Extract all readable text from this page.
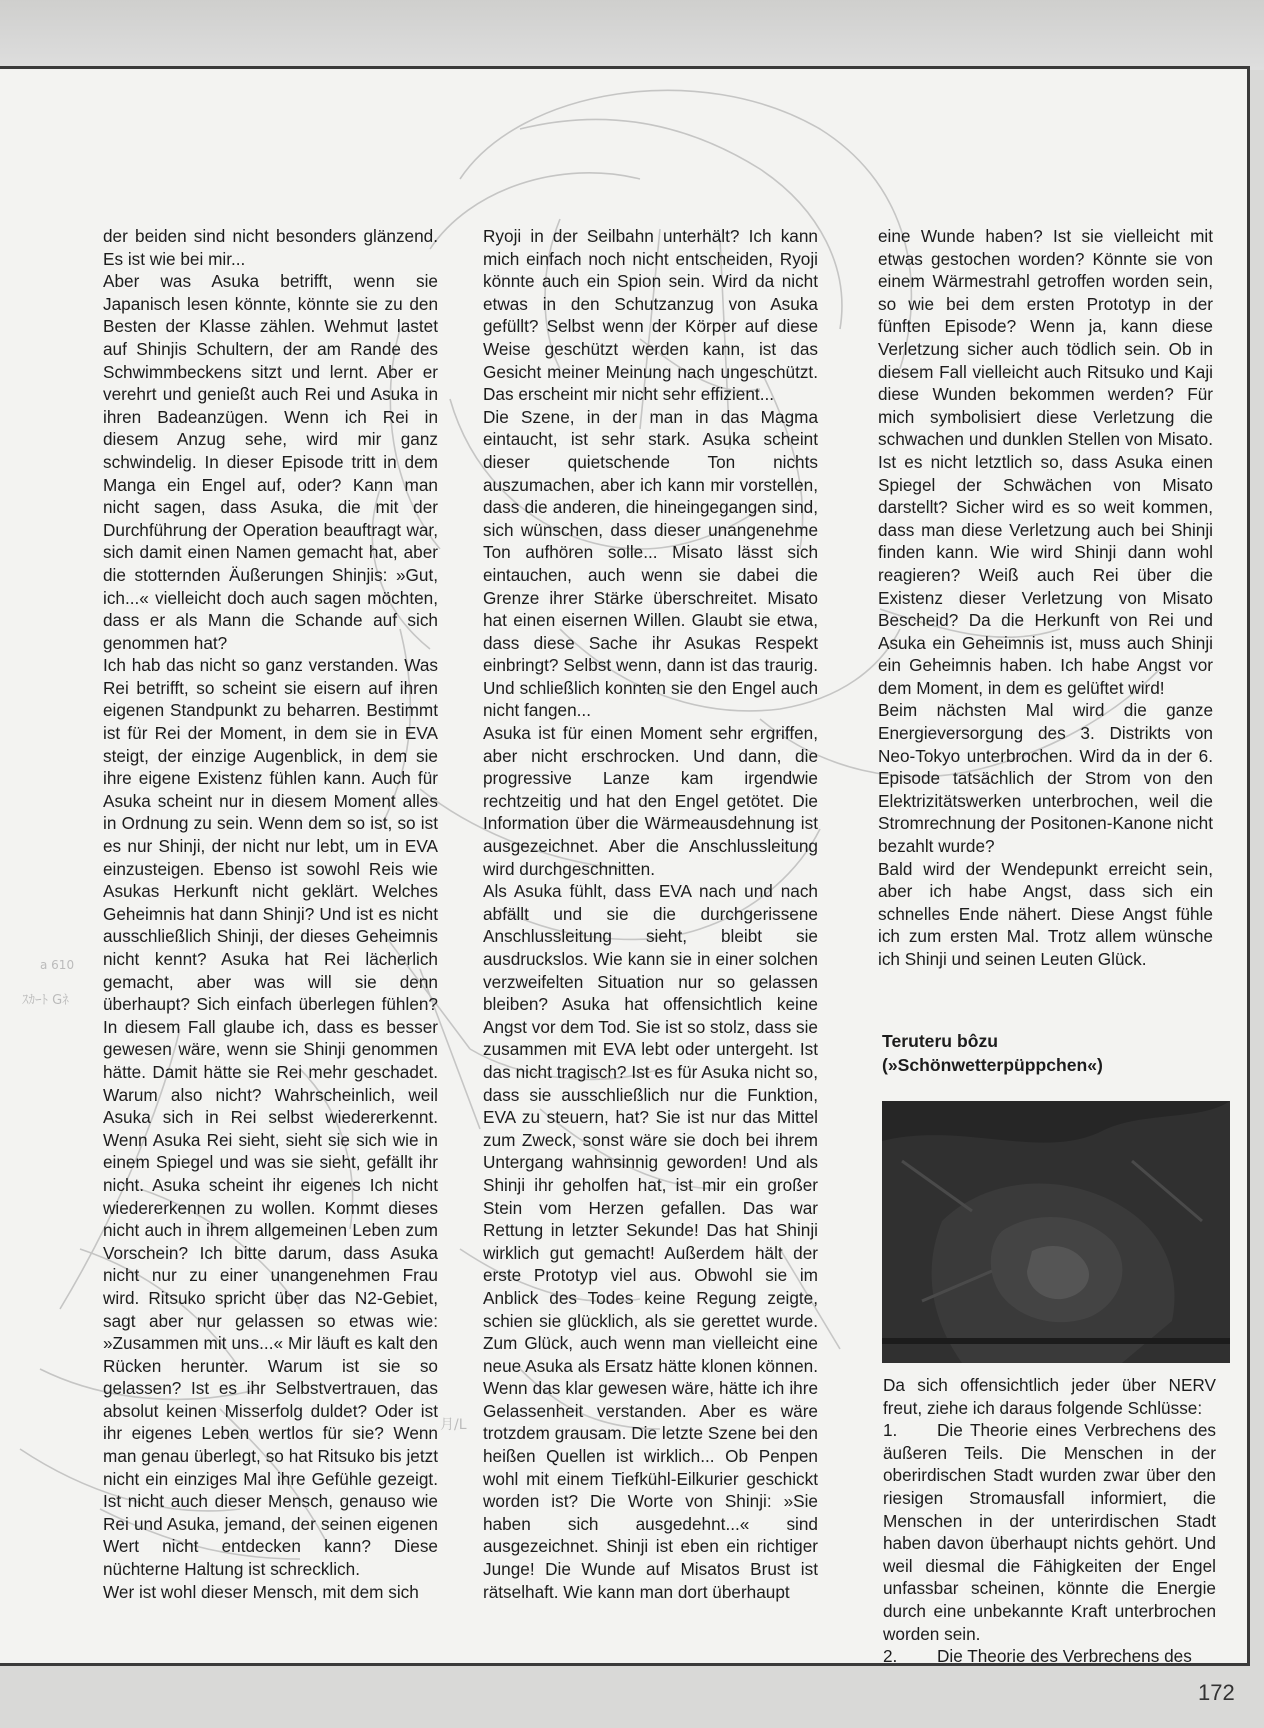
ｽｶｰﾄ Gﾈ
a 610
月/L

der beiden sind nicht besonders glänzend. Es ist wie bei mir...

Aber was Asuka betrifft, wenn sie Japanisch lesen könnte, könnte sie zu den Besten der Klasse zählen. Wehmut lastet auf Shinjis Schultern, der am Rande des Schwimmbeckens sitzt und lernt. Aber er verehrt und genießt auch Rei und Asuka in ihren Badeanzügen. Wenn ich Rei in diesem Anzug sehe, wird mir ganz schwindelig. In dieser Episode tritt in dem Manga ein Engel auf, oder? Kann man nicht sagen, dass Asuka, die mit der Durchführung der Operation beauftragt war, sich damit einen Namen gemacht hat, aber die stotternden Äußerungen Shinjis: »Gut, ich...« vielleicht doch auch sagen möchten, dass er als Mann die Schande auf sich genommen hat?

Ich hab das nicht so ganz verstanden. Was Rei betrifft, so scheint sie eisern auf ihren eigenen Standpunkt zu beharren. Bestimmt ist für Rei der Moment, in dem sie in EVA steigt, der einzige Augenblick, in dem sie ihre eigene Existenz fühlen kann. Auch für Asuka scheint nur in diesem Moment alles in Ordnung zu sein. Wenn dem so ist, so ist es nur Shinji, der nicht nur lebt, um in EVA einzusteigen. Ebenso ist sowohl Reis wie Asukas Herkunft nicht geklärt. Welches Geheimnis hat dann Shinji? Und ist es nicht ausschließlich Shinji, der dieses Geheimnis nicht kennt? Asuka hat Rei lächerlich gemacht, aber was will sie denn überhaupt? Sich einfach überlegen fühlen? In diesem Fall glaube ich, dass es besser gewesen wäre, wenn sie Shinji genommen hätte. Damit hätte sie Rei mehr geschadet. Warum also nicht? Wahrscheinlich, weil Asuka sich in Rei selbst wiedererkennt. Wenn Asuka Rei sieht, sieht sie sich wie in einem Spiegel und was sie sieht, gefällt ihr nicht. Asuka scheint ihr eigenes Ich nicht wiedererkennen zu wollen. Kommt dieses nicht auch in ihrem allgemeinen Leben zum Vorschein? Ich bitte darum, dass Asuka nicht nur zu einer unangenehmen Frau wird. Ritsuko spricht über das N2-Gebiet, sagt aber nur gelassen so etwas wie: »Zusammen mit uns...« Mir läuft es kalt den Rücken herunter. Warum ist sie so gelassen? Ist es ihr Selbstvertrauen, das absolut keinen Misserfolg duldet? Oder ist ihr eigenes Leben wertlos für sie? Wenn man genau überlegt, so hat Ritsuko bis jetzt nicht ein einziges Mal ihre Gefühle gezeigt. Ist nicht auch dieser Mensch, genauso wie Rei und Asuka, jemand, der seinen eigenen Wert nicht entdecken kann? Diese nüchterne Haltung ist schrecklich.

Wer ist wohl dieser Mensch, mit dem sich

Ryoji in der Seilbahn unterhält? Ich kann mich einfach noch nicht entscheiden, Ryoji könnte auch ein Spion sein. Wird da nicht etwas in den Schutzanzug von Asuka gefüllt? Selbst wenn der Körper auf diese Weise geschützt werden kann, ist das Gesicht meiner Meinung nach ungeschützt. Das erscheint mir nicht sehr effizient...

Die Szene, in der man in das Magma eintaucht, ist sehr stark. Asuka scheint dieser quietschende Ton nichts auszumachen, aber ich kann mir vorstellen, dass die anderen, die hineingegangen sind, sich wünschen, dass dieser unangenehme Ton aufhören solle... Misato lässt sich eintauchen, auch wenn sie dabei die Grenze ihrer Stärke überschreitet. Misato hat einen eisernen Willen. Glaubt sie etwa, dass diese Sache ihr Asukas Respekt einbringt? Selbst wenn, dann ist das traurig. Und schließlich konnten sie den Engel auch nicht fangen...

Asuka ist für einen Moment sehr ergriffen, aber nicht erschrocken. Und dann, die progressive Lanze kam irgendwie rechtzeitig und hat den Engel getötet. Die Information über die Wärmeausdehnung ist ausgezeichnet. Aber die Anschlussleitung wird durchgeschnitten.

Als Asuka fühlt, dass EVA nach und nach abfällt und sie die durchgerissene Anschlussleitung sieht, bleibt sie ausdruckslos. Wie kann sie in einer solchen verzweifelten Situation nur so gelassen bleiben? Asuka hat offensichtlich keine Angst vor dem Tod. Sie ist so stolz, dass sie zusammen mit EVA lebt oder untergeht. Ist das nicht tragisch? Ist es für Asuka nicht so, dass sie ausschließlich nur die Funktion, EVA zu steuern, hat? Sie ist nur das Mittel zum Zweck, sonst wäre sie doch bei ihrem Untergang wahnsinnig geworden! Und als Shinji ihr geholfen hat, ist mir ein großer Stein vom Herzen gefallen. Das war Rettung in letzter Sekunde! Das hat Shinji wirklich gut gemacht! Außerdem hält der erste Prototyp viel aus. Obwohl sie im Anblick des Todes keine Regung zeigte, schien sie glücklich, als sie gerettet wurde. Zum Glück, auch wenn man vielleicht eine neue Asuka als Ersatz hätte klonen können. Wenn das klar gewesen wäre, hätte ich ihre Gelassenheit verstanden. Aber es wäre trotzdem grausam. Die letzte Szene bei den heißen Quellen ist wirklich... Ob Penpen wohl mit einem Tiefkühl-Eilkurier geschickt worden ist? Die Worte von Shinji: »Sie haben sich ausgedehnt...« sind ausgezeichnet. Shinji ist eben ein richtiger Junge! Die Wunde auf Misatos Brust ist rätselhaft. Wie kann man dort überhaupt

eine Wunde haben? Ist sie vielleicht mit etwas gestochen worden? Könnte sie von einem Wärmestrahl getroffen worden sein, so wie bei dem ersten Prototyp in der fünften Episode? Wenn ja, kann diese Verletzung sicher auch tödlich sein. Ob in diesem Fall vielleicht auch Ritsuko und Kaji diese Wunden bekommen werden? Für mich symbolisiert diese Verletzung die schwachen und dunklen Stellen von Misato. Ist es nicht letztlich so, dass Asuka einen Spiegel der Schwächen von Misato darstellt? Sicher wird es so weit kommen, dass man diese Verletzung auch bei Shinji finden kann. Wie wird Shinji dann wohl reagieren? Weiß auch Rei über die Existenz dieser Verletzung von Misato Bescheid? Da die Herkunft von Rei und Asuka ein Geheimnis ist, muss auch Shinji ein Geheimnis haben. Ich habe Angst vor dem Moment, in dem es gelüftet wird!

Beim nächsten Mal wird die ganze Energieversorgung des 3. Distrikts von Neo-Tokyo unterbrochen. Wird da in der 6. Episode tatsächlich der Strom von den Elektrizitätswerken unterbrochen, weil die Stromrechnung der Positonen-Kanone nicht bezahlt wurde?

Bald wird der Wendepunkt erreicht sein, aber ich habe Angst, dass sich ein schnelles Ende nähert. Diese Angst fühle ich zum ersten Mal. Trotz allem wünsche ich Shinji und seinen Leuten Glück.

Teruteru bôzu
(»Schönwetterpüppchen«)

Da sich offensichtlich jeder über NERV freut, ziehe ich daraus folgende Schlüsse:

1. Die Theorie eines Verbrechens des äußeren Teils. Die Menschen in der oberirdischen Stadt wurden zwar über den riesigen Stromausfall informiert, die Menschen in der unterirdischen Stadt haben davon überhaupt nichts gehört. Und weil diesmal die Fähigkeiten der Engel unfassbar scheinen, könnte die Energie durch eine unbekannte Kraft unterbrochen worden sein.

2. Die Theorie des Verbrechens des

172
